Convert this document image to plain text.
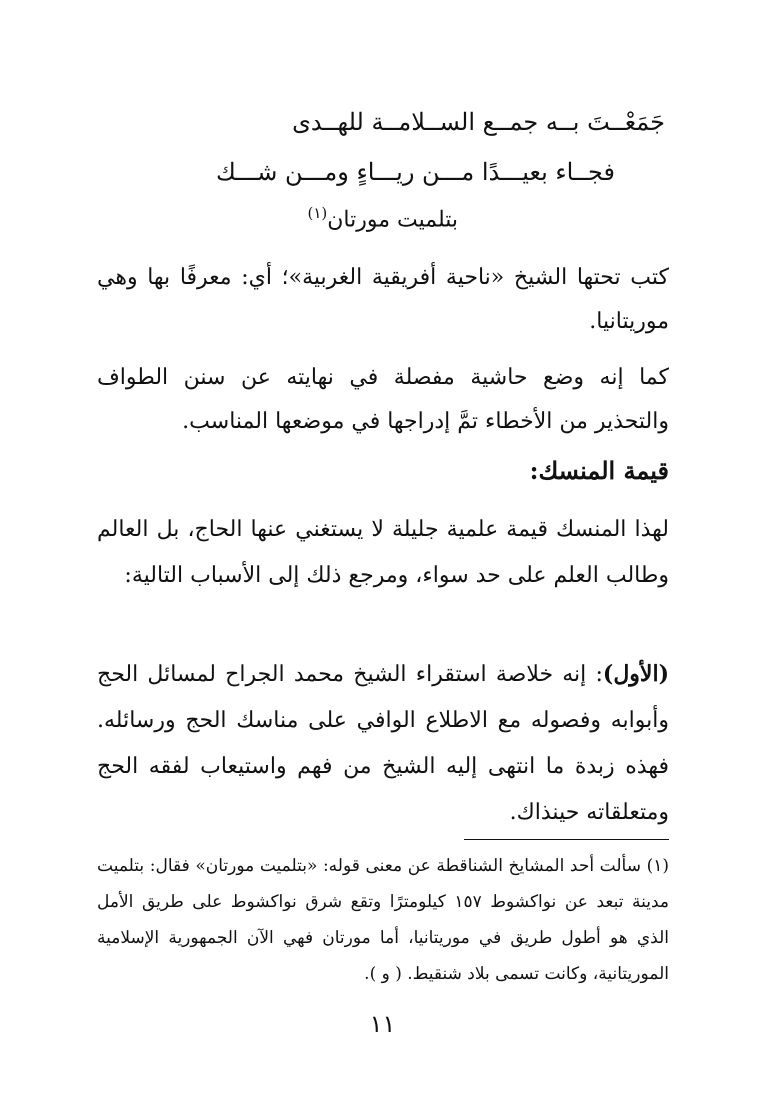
جَمَعْــتَ بــه جمــع الســلامــة للهــدى
فجــاء بعيـــدًا مـــن ريـــاءٍ ومـــن شـــك
بتلميت مورتان$^{(١)}$

كتب تحتها الشيخ «ناحية أفريقية الغربية»؛ أي: معرفًا بها وهي موريتانيا.

كما إنه وضع حاشية مفصلة في نهايته عن سنن الطواف والتحذير من الأخطاء تمَّ إدراجها في موضعها المناسب.

قيمة المنسك:

لهذا المنسك قيمة علمية جليلة لا يستغني عنها الحاج، بل العالم وطالب العلم على حد سواء، ومرجع ذلك إلى الأسباب التالية:

(الأول): إنه خلاصة استقراء الشيخ محمد الجراح لمسائل الحج وأبوابه وفصوله مع الاطلاع الوافي على مناسك الحج ورسائله. فهذه زبدة ما انتهى إليه الشيخ من فهم واستيعاب لفقه الحج ومتعلقاته حينذاك.

(١) سألت أحد المشايخ الشناقطة عن معنى قوله: «بتلميت مورتان» فقال: بتلميت مدينة تبعد عن نواكشوط ١٥٧ كيلومترًا وتقع شرق نواكشوط على طريق الأمل الذي هو أطول طريق في موريتانيا، أما مورتان فهي الآن الجمهورية الإسلامية الموريتانية، وكانت تسمى بلاد شنقيط. ( و ).

١١
